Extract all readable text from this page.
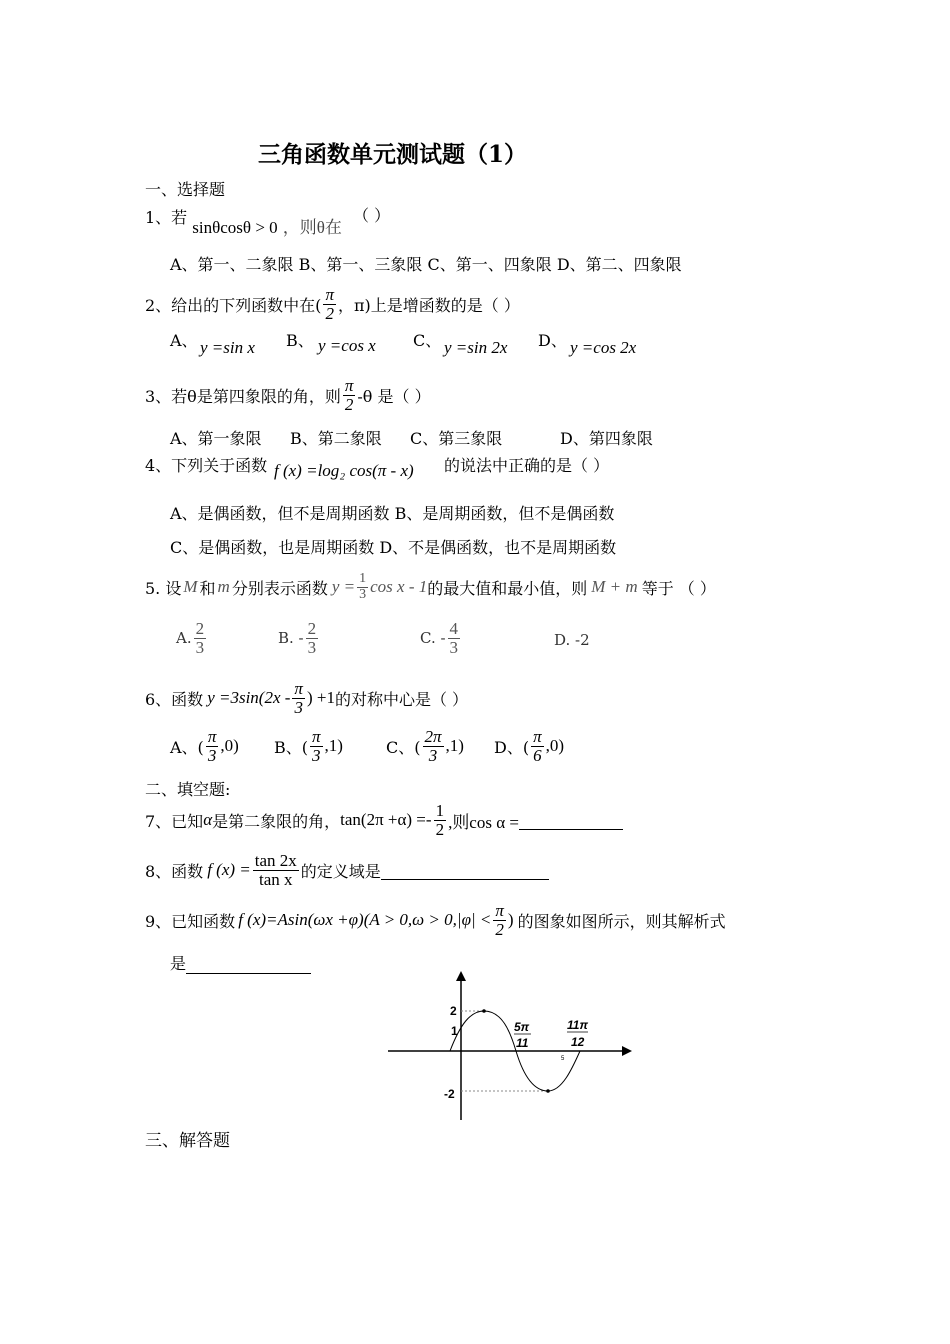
三角函数单元测试题（1）
一、选择题
1、若 sinθcosθ > 0 ，则θ在 （ ）
A、第一、二象限 B、第一、三象限 C、第一、四象限 D、第二、四象限
2、给出的下列函数中在( $\frac{\pi}{2}$ ，π)上是增函数的是（ ）
A、 y =sin x B、 y =cos x C、 y =sin 2x D、 y =cos 2x
3、若θ是第四象限的角，则 $\frac{\pi}{2} -\theta$ 是（ ）
A、第一象限 B、第二象限 C、第三象限	D、第四象限
4、下列关于函数 f (x) =log₂ cos(π - x) 的说法中正确的是（ ）
A、是偶函数，但不是周期函数 B、是周期函数，但不是偶函数
C、是偶函数，也是周期函数 D、不是偶函数，也不是周期函数
5. 设 M 和 m 分别表示函数 $y = \frac{1}{3}$ cos x - 1 的最大值和最小值，则 M + m 等于 （ ）
A. $\frac{2}{3}$	B. - $\frac{2}{3}$	C. - $\frac{4}{3}$	D. -2
6、函数 $y =3\sin(2x - \frac{\pi}{3}$ ) +1 的对称中心是（ ）
A、( $\frac{\pi}{3} ,0$) B、( $\frac{\pi}{3} ,1$)	C、( $\frac{2\pi}{3} ,1$) D、( $\frac{\pi}{6} ,0$)
二、填空题:
7、已知 α 是第二象限的角， $\tan(2\pi +\alpha) =- \frac{1}{2}$ ,则cos α =
8、函数 f $(x) = \frac{\tan 2x}{\text{tan x}}$ 的定义域是
9、已知函数 f $(x)=Asin(\omega x +\varphi)(A > 0,\omega > 0,|\varphi| < \frac{\pi}{2}$ ) 的图象如图所示，则其解析式
是
2
1
-2
5π
11
11π
12
5
三、解答题
